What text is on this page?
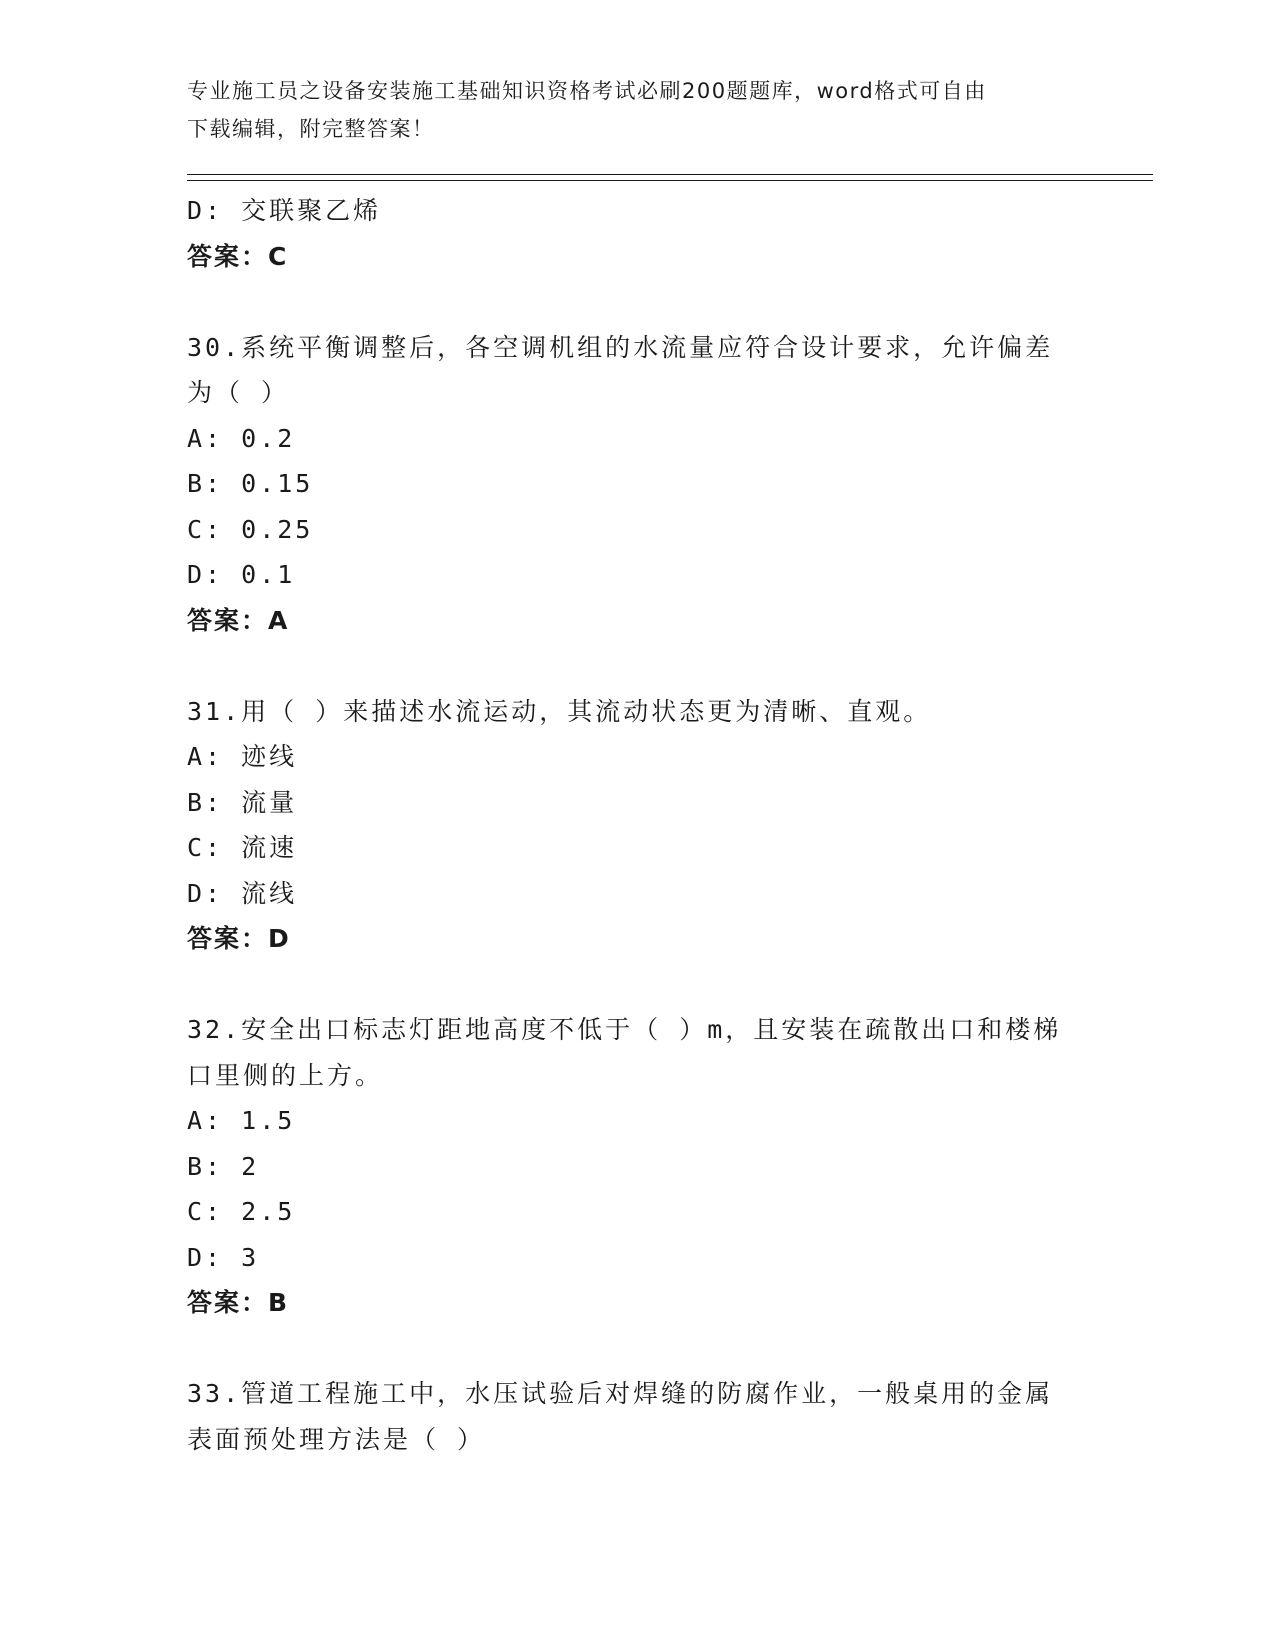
专业施工员之设备安装施工基础知识资格考试必刷200题题库，word格式可自由
下载编辑，附完整答案！
D: 交联聚乙烯
答案：C
30.系统平衡调整后，各空调机组的水流量应符合设计要求，允许偏差
为（ ）
A: 0.2
B: 0.15
C: 0.25
D: 0.1
答案：A
31.用（ ）来描述水流运动，其流动状态更为清晰、直观。
A: 迹线
B: 流量
C: 流速
D: 流线
答案：D
32.安全出口标志灯距地高度不低于（ ）m，且安装在疏散出口和楼梯
口里侧的上方。
A: 1.5
B: 2
C: 2.5
D: 3
答案：B
33.管道工程施工中，水压试验后对焊缝的防腐作业，一般桌用的金属
表面预处理方法是（ ）
